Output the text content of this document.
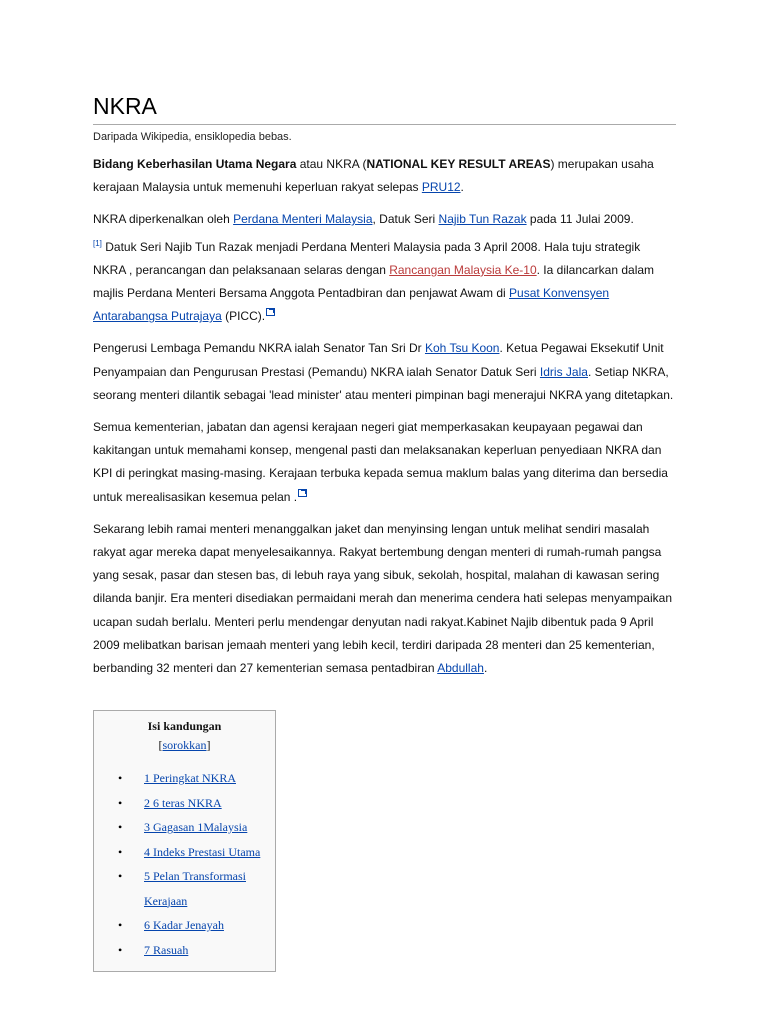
NKRA
Daripada Wikipedia, ensiklopedia bebas.

Bidang Keberhasilan Utama Negara atau NKRA (NATIONAL KEY RESULT AREAS) merupakan usaha kerajaan Malaysia untuk memenuhi keperluan rakyat selepas PRU12.

NKRA diperkenalkan oleh Perdana Menteri Malaysia, Datuk Seri Najib Tun Razak pada 11 Julai 2009.
[1] Datuk Seri Najib Tun Razak menjadi Perdana Menteri Malaysia pada 3 April 2008. Hala tuju strategik NKRA , perancangan dan pelaksanaan selaras dengan Rancangan Malaysia Ke-10. Ia dilancarkan dalam majlis Perdana Menteri Bersama Anggota Pentadbiran dan penjawat Awam di Pusat Konvensyen Antarabangsa Putrajaya (PICC).

Pengerusi Lembaga Pemandu NKRA ialah Senator Tan Sri Dr Koh Tsu Koon. Ketua Pegawai Eksekutif Unit Penyampaian dan Pengurusan Prestasi (Pemandu) NKRA ialah Senator Datuk Seri Idris Jala. Setiap NKRA, seorang menteri dilantik sebagai 'lead minister' atau menteri pimpinan bagi menerajui NKRA yang ditetapkan.

Semua kementerian, jabatan dan agensi kerajaan negeri giat memperkasakan keupayaan pegawai dan kakitangan untuk memahami konsep, mengenal pasti dan melaksanakan keperluan penyediaan NKRA dan KPI di peringkat masing-masing. Kerajaan terbuka kepada semua maklum balas yang diterima dan bersedia untuk merealisasikan kesemua pelan .

Sekarang lebih ramai menteri menanggalkan jaket dan menyinsing lengan untuk melihat sendiri masalah rakyat agar mereka dapat menyelesaikannya. Rakyat bertembung dengan menteri di rumah-rumah pangsa yang sesak, pasar dan stesen bas, di lebuh raya yang sibuk, sekolah, hospital, malahan di kawasan sering dilanda banjir. Era menteri disediakan permaidani merah dan menerima cendera hati selepas menyampaikan ucapan sudah berlalu. Menteri perlu mendengar denyutan nadi rakyat.Kabinet Najib dibentuk pada 9 April 2009 melibatkan barisan jemaah menteri yang lebih kecil, terdiri daripada 28 menteri dan 25 kementerian, berbanding 32 menteri dan 27 kementerian semasa pentadbiran Abdullah.

Isi kandungan
[sorokkan]
• 1 Peringkat NKRA
• 2 6 teras NKRA
• 3 Gagasan 1Malaysia
• 4 Indeks Prestasi Utama
• 5 Pelan Transformasi Kerajaan
• 6 Kadar Jenayah
• 7 Rasuah
